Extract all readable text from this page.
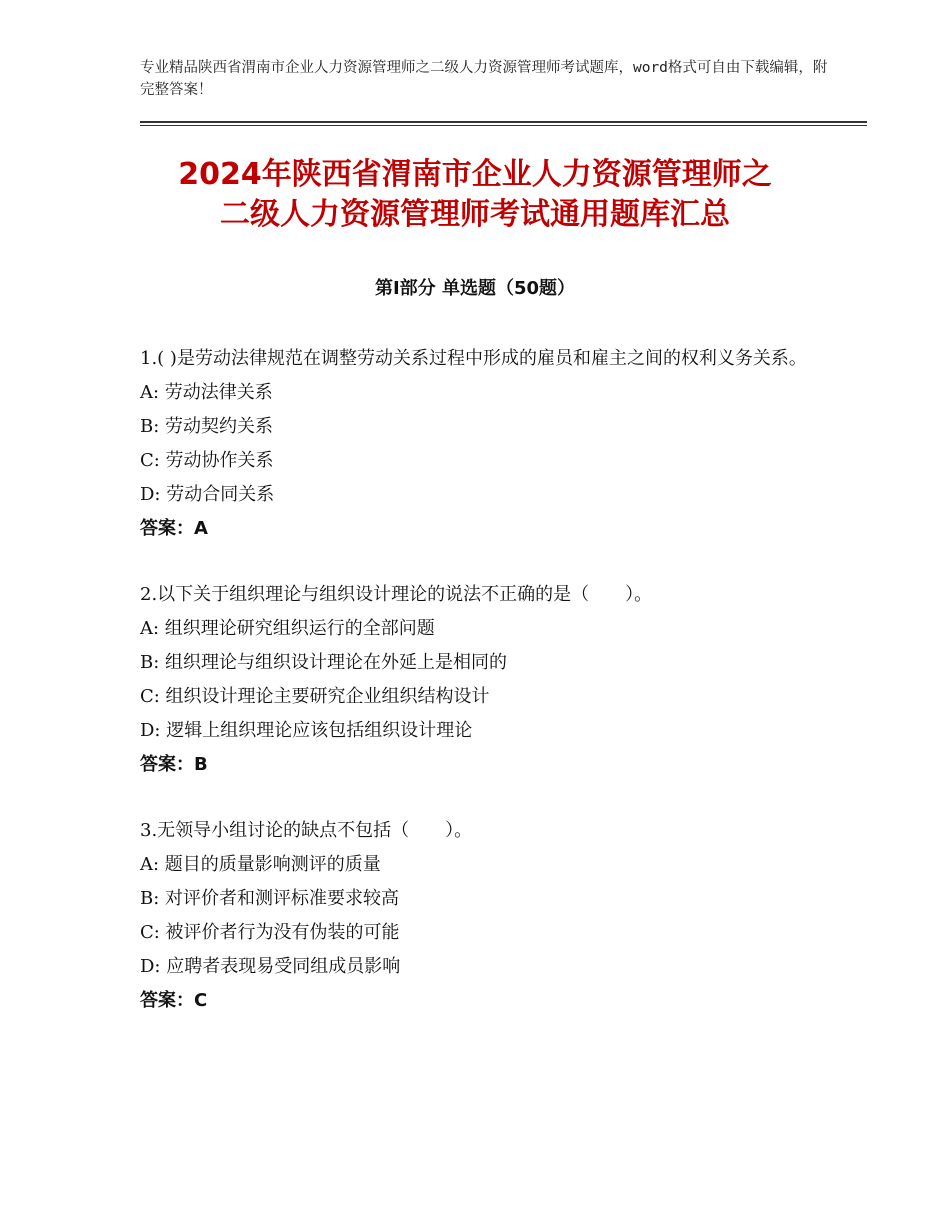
专业精品陕西省渭南市企业人力资源管理师之二级人力资源管理师考试题库，word格式可自由下载编辑，附完整答案！
2024年陕西省渭南市企业人力资源管理师之
二级人力资源管理师考试通用题库汇总
第Ⅰ部分 单选题（50题）
1.( )是劳动法律规范在调整劳动关系过程中形成的雇员和雇主之间的权利义务关系。
A: 劳动法律关系
B: 劳动契约关系
C: 劳动协作关系
D: 劳动合同关系
答案：A
2.以下关于组织理论与组织设计理论的说法不正确的是（　　）。
A: 组织理论研究组织运行的全部问题
B: 组织理论与组织设计理论在外延上是相同的
C: 组织设计理论主要研究企业组织结构设计
D: 逻辑上组织理论应该包括组织设计理论
答案：B
3.无领导小组讨论的缺点不包括（　　）。
A: 题目的质量影响测评的质量
B: 对评价者和测评标准要求较高
C: 被评价者行为没有伪装的可能
D: 应聘者表现易受同组成员影响
答案：C
